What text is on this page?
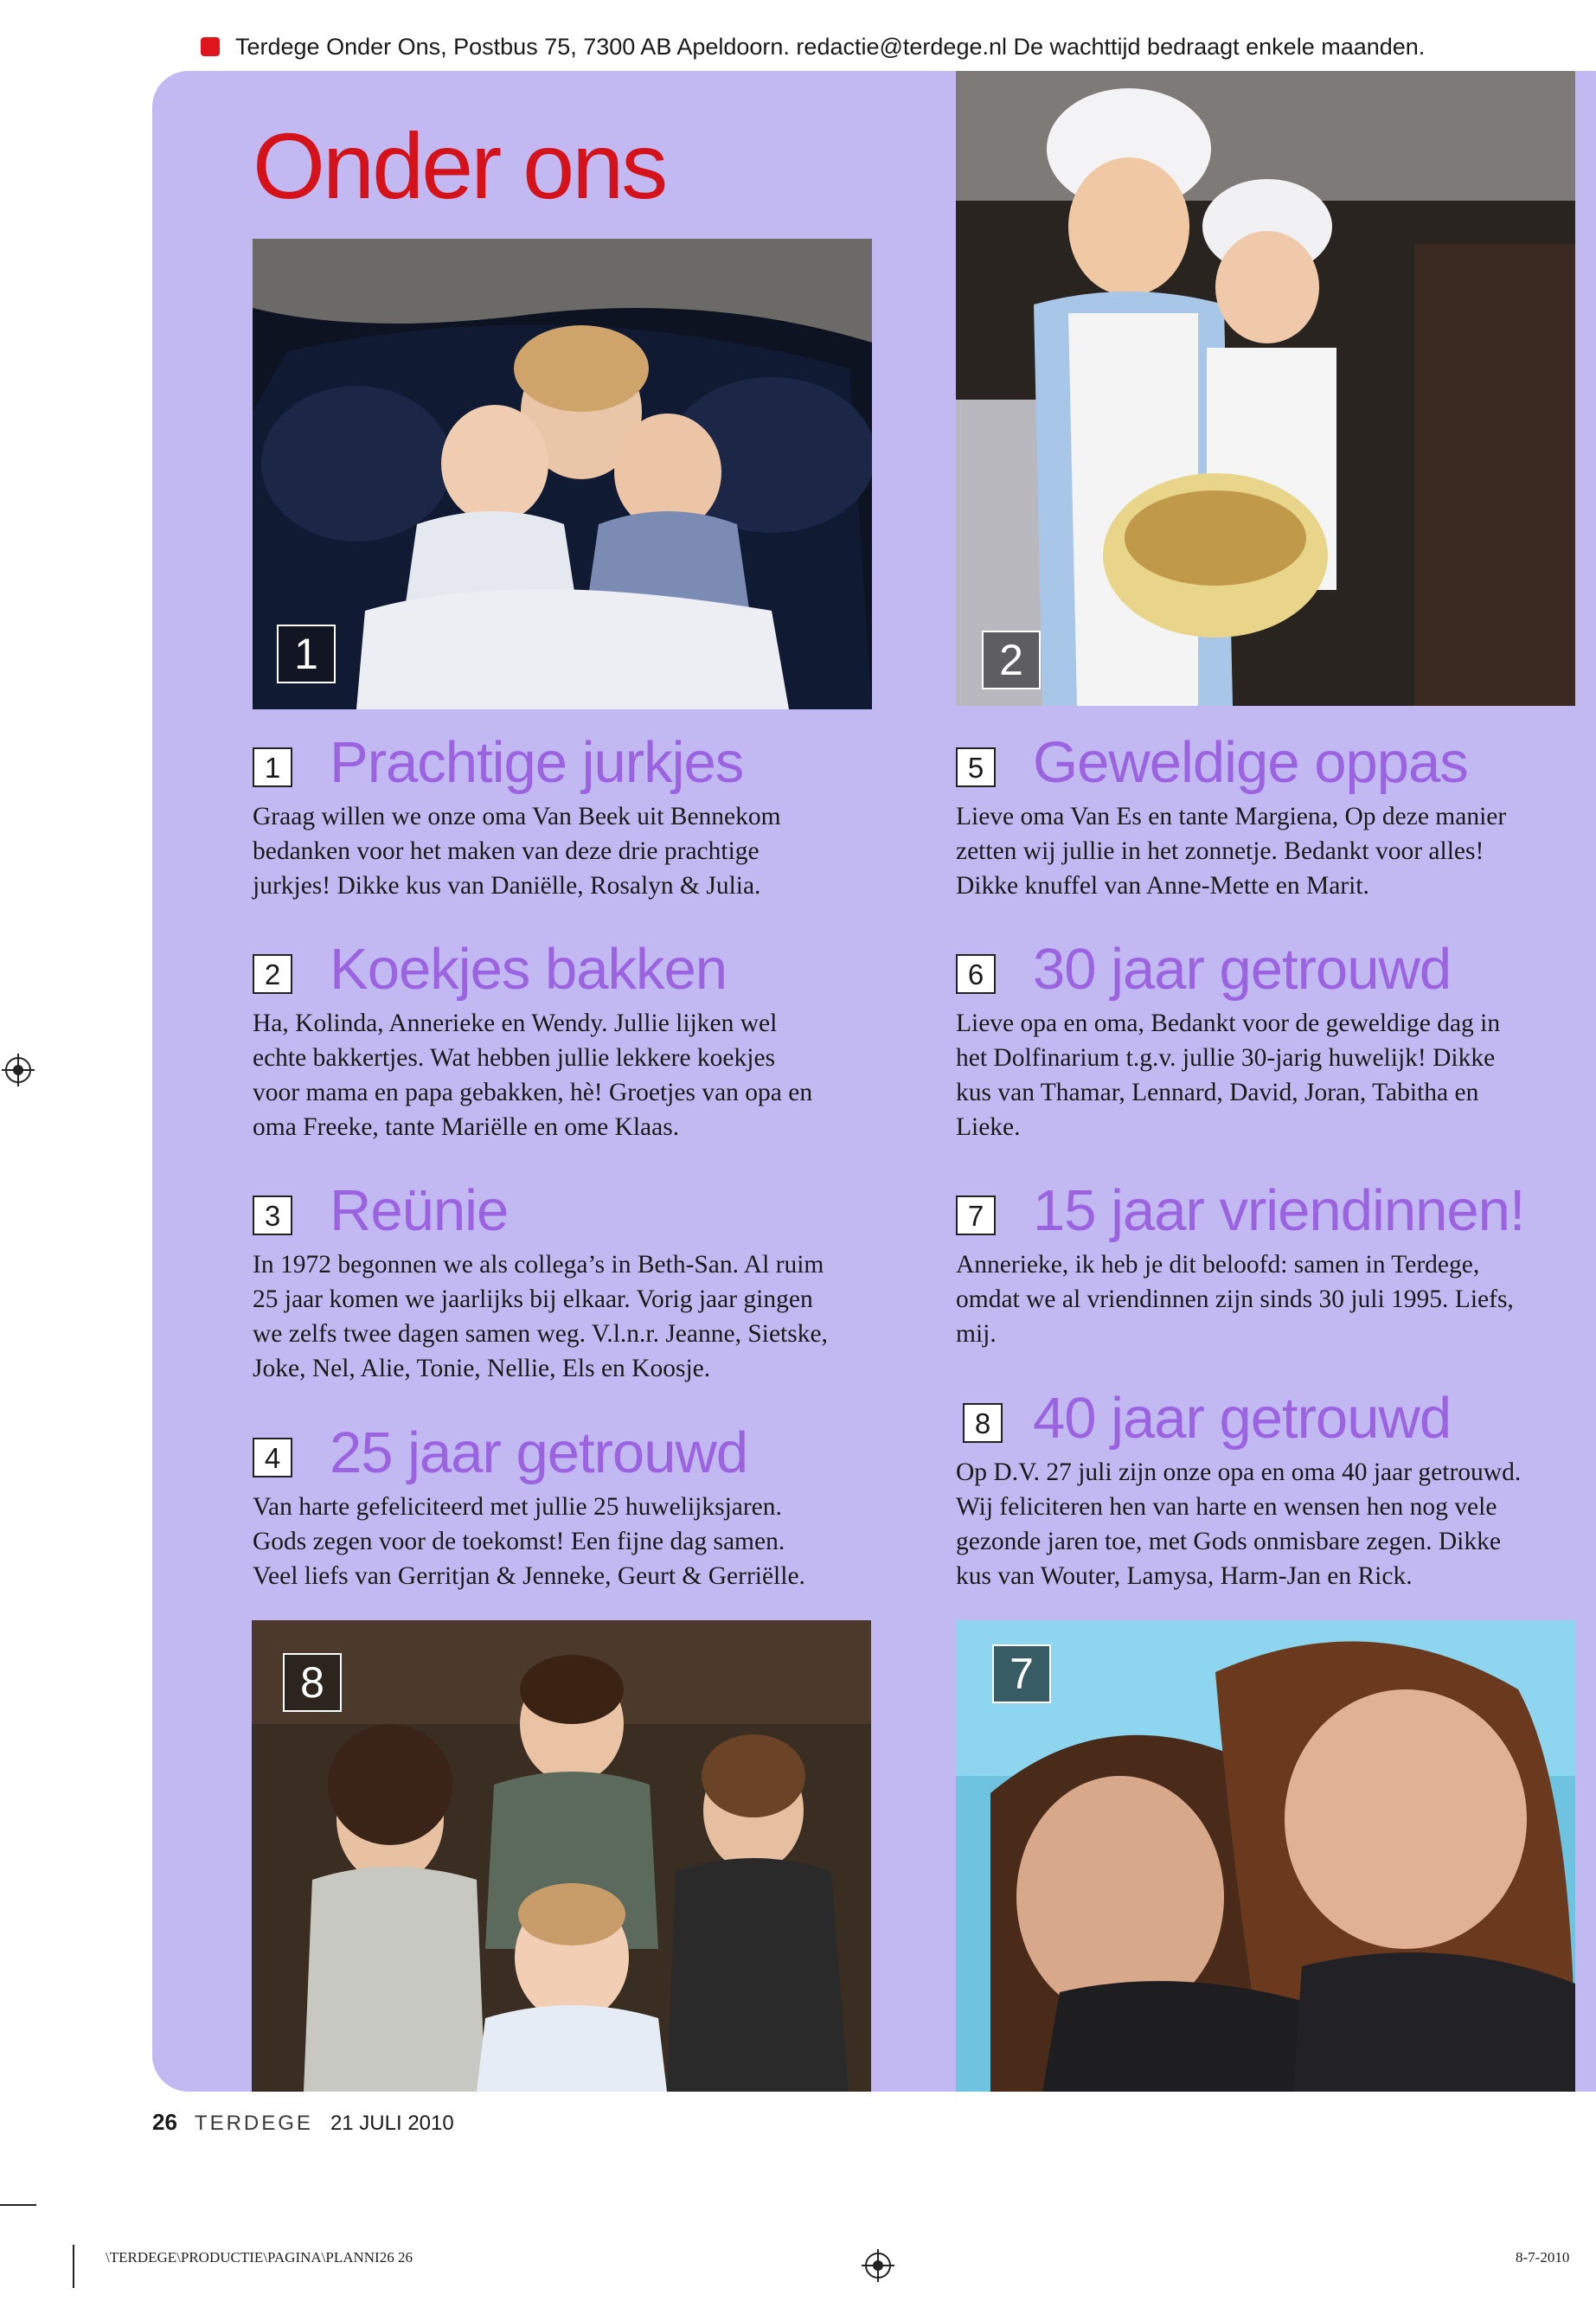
Terdege Onder Ons, Postbus 75, 7300 AB Apeldoorn. redactie@terdege.nl De wachttijd bedraagt enkele maanden.
Onder ons
1	2
8	7
1 Prachtige jurkjes
Graag willen we onze oma Van Beek uit Bennekom
bedanken voor het maken van deze drie prachtige
jurkjes! Dikke kus van Daniëlle, Rosalyn & Julia.
2 Koekjes bakken
Ha, Kolinda, Annerieke en Wendy. Jullie lijken wel
echte bakkertjes. Wat hebben jullie lekkere koekjes
voor mama en papa gebakken, hè! Groetjes van opa en
oma Freeke, tante Mariëlle en ome Klaas.
3 Reünie
In 1972 begonnen we als collega’s in Beth-San. Al ruim
25 jaar komen we jaarlijks bij elkaar. Vorig jaar gingen
we zelfs twee dagen samen weg. V.l.n.r. Jeanne, Sietske,
Joke, Nel, Alie, Tonie, Nellie, Els en Koosje.
4 25 jaar getrouwd
Van harte gefeliciteerd met jullie 25 huwelijksjaren.
Gods zegen voor de toekomst! Een fijne dag samen.
Veel liefs van Gerritjan & Jenneke, Geurt & Gerriëlle.
5 Geweldige oppas
Lieve oma Van Es en tante Margiena, Op deze manier
zetten wij jullie in het zonnetje. Bedankt voor alles!
Dikke knuffel van Anne-Mette en Marit.
6 30 jaar getrouwd
Lieve opa en oma, Bedankt voor de geweldige dag in
het Dolfinarium t.g.v. jullie 30-jarig huwelijk! Dikke
kus van Thamar, Lennard, David, Joran, Tabitha en
Lieke.
7 15 jaar vriendinnen!
Annerieke, ik heb je dit beloofd: samen in Terdege,
omdat we al vriendinnen zijn sinds 30 juli 1995. Liefs,
mij.
8 40 jaar getrouwd
Op D.V. 27 juli zijn onze opa en oma 40 jaar getrouwd.
Wij feliciteren hen van harte en wensen hen nog vele
gezonde jaren toe, met Gods onmisbare zegen. Dikke
kus van Wouter, Lamysa, Harm-Jan en Rick.
26 TERDEGE 21 JULI 2010
\TERDEGE\PRODUCTIE\PAGINA\PLANNI26 26	8-7-2010
